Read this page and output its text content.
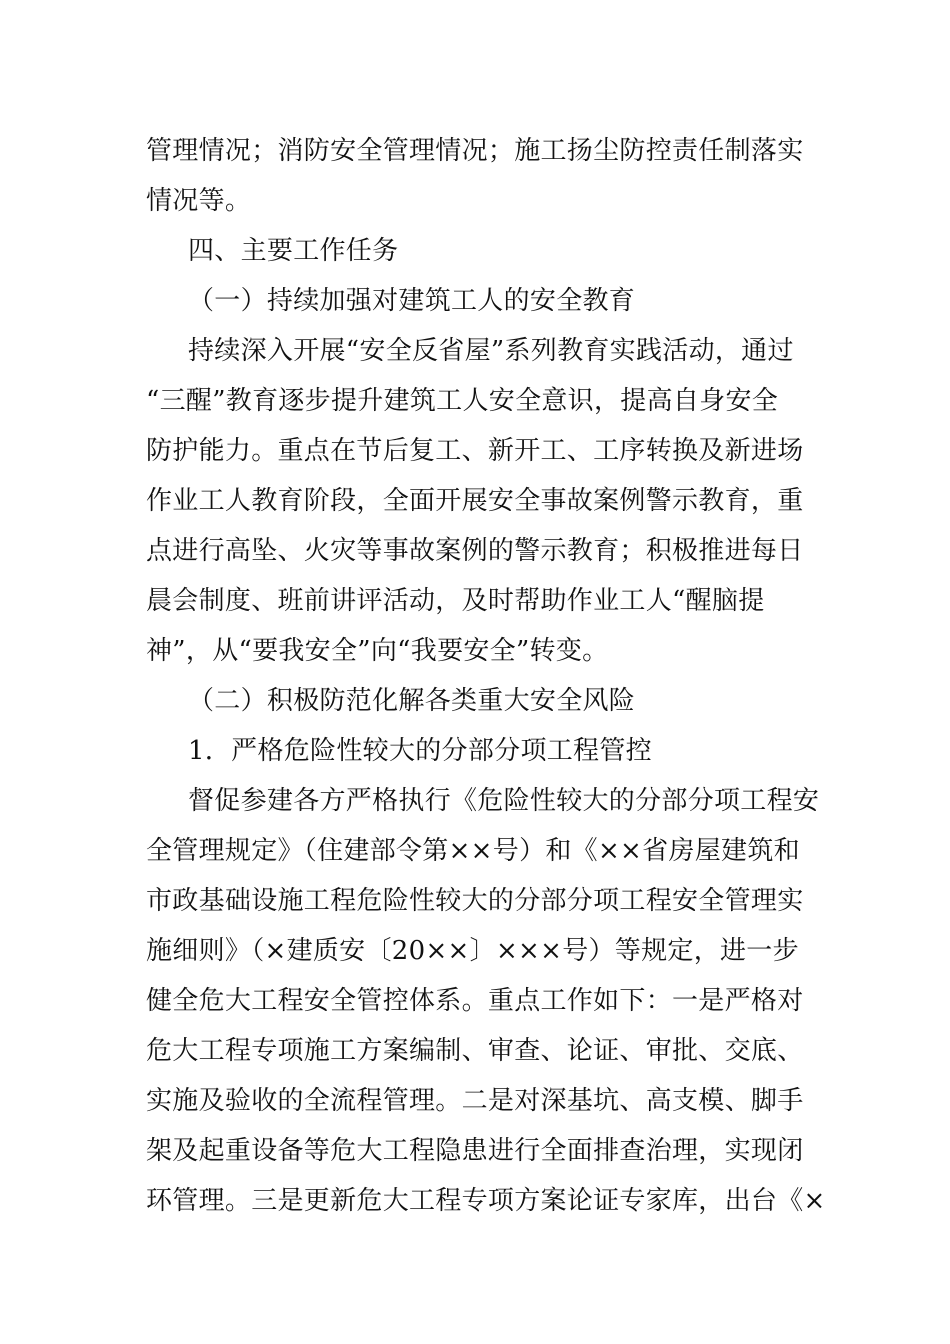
管理情况；消防安全管理情况；施工扬尘防控责任制落实
情况等。
四、主要工作任务
（一）持续加强对建筑工人的安全教育
持续深入开展“安全反省屋”系列教育实践活动，通过
“三醒”教育逐步提升建筑工人安全意识，提高自身安全
防护能力。重点在节后复工、新开工、工序转换及新进场
作业工人教育阶段，全面开展安全事故案例警示教育，重
点进行高坠、火灾等事故案例的警示教育；积极推进每日
晨会制度、班前讲评活动，及时帮助作业工人“醒脑提
神”，从“要我安全”向“我要安全”转变。
（二）积极防范化解各类重大安全风险
1．严格危险性较大的分部分项工程管控
督促参建各方严格执行《危险性较大的分部分项工程安
全管理规定》（住建部令第××号）和《××省房屋建筑和
市政基础设施工程危险性较大的分部分项工程安全管理实
施细则》（×建质安〔20××〕×××号）等规定，进一步
健全危大工程安全管控体系。重点工作如下：一是严格对
危大工程专项施工方案编制、审查、论证、审批、交底、
实施及验收的全流程管理。二是对深基坑、高支模、脚手
架及起重设备等危大工程隐患进行全面排查治理，实现闭
环管理。三是更新危大工程专项方案论证专家库，出台《×
